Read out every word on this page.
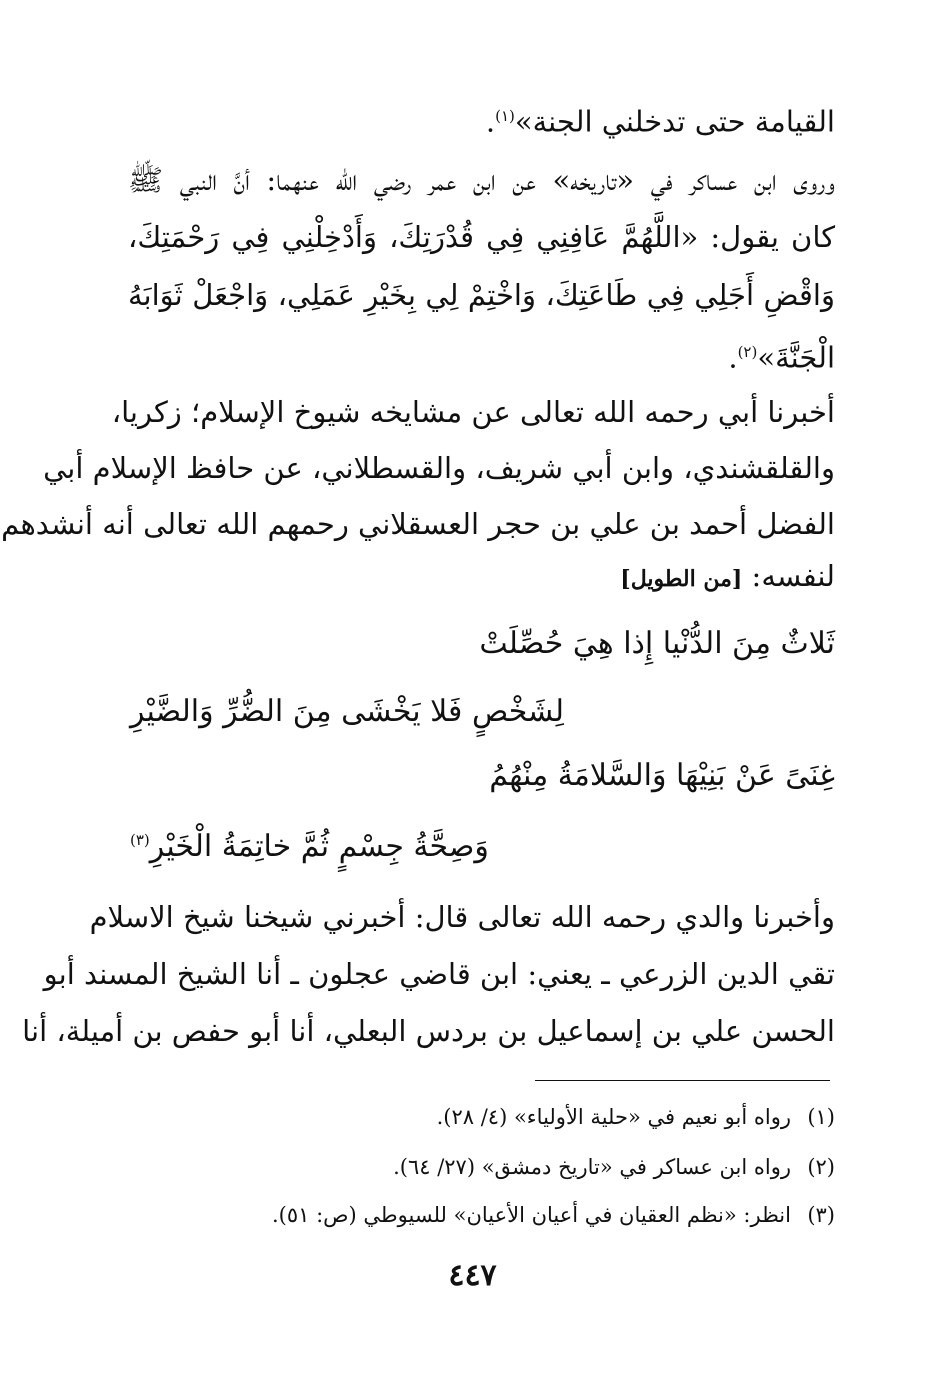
القيامة حتى تدخلني الجنة»$^{(١)}$.
وروى ابن عساكر في «تاريخه» عن ابن عمر رضي الله عنهما: أنَّ النبي ﷺ
كان يقول: «اللَّهُمَّ عَافِنِي فِي قُدْرَتِكَ، وَأَدْخِلْنِي فِي رَحْمَتِكَ،
وَاقْضِ أَجَلِي فِي طَاعَتِكَ، وَاخْتِمْ لِي بِخَيْرِ عَمَلِي، وَاجْعَلْ ثَوَابَهُ
الْجَنَّةَ»$^{(٢)}$.
أخبرنا أبي رحمه الله تعالى عن مشايخه شيوخ الإسلام؛ زكريا،
والقلقشندي، وابن أبي شريف، والقسطلاني، عن حافظ الإسلام أبي
الفضل أحمد بن علي بن حجر العسقلاني رحمهم الله تعالى أنه أنشدهم
لنفسه: [من الطويل]
ثَلاثٌ مِنَ الدُّنْيا إِذا هِيَ حُصِّلَتْ
لِشَخْصٍ فَلا يَخْشَى مِنَ الضُّرِّ وَالضَّيْرِ
غِنَىً عَنْ بَنِيْهَا وَالسَّلامَةُ مِنْهُمُ
وَصِحَّةُ جِسْمٍ ثُمَّ خاتِمَةُ الْخَيْرِ$^{(٣)}$
وأخبرنا والدي رحمه الله تعالى قال: أخبرني شيخنا شيخ الاسلام
تقي الدين الزرعي ـ يعني: ابن قاضي عجلون ـ أنا الشيخ المسند أبو
الحسن علي بن إسماعيل بن بردس البعلي، أنا أبو حفص بن أميلة، أنا
(١)رواه أبو نعيم في «حلية الأولياء» (٤/ ٢٨).
(٢)رواه ابن عساكر في «تاريخ دمشق» (٢٧/ ٦٤).
(٣)انظر: «نظم العقيان في أعيان الأعيان» للسيوطي (ص: ٥١).
٤٤٧
